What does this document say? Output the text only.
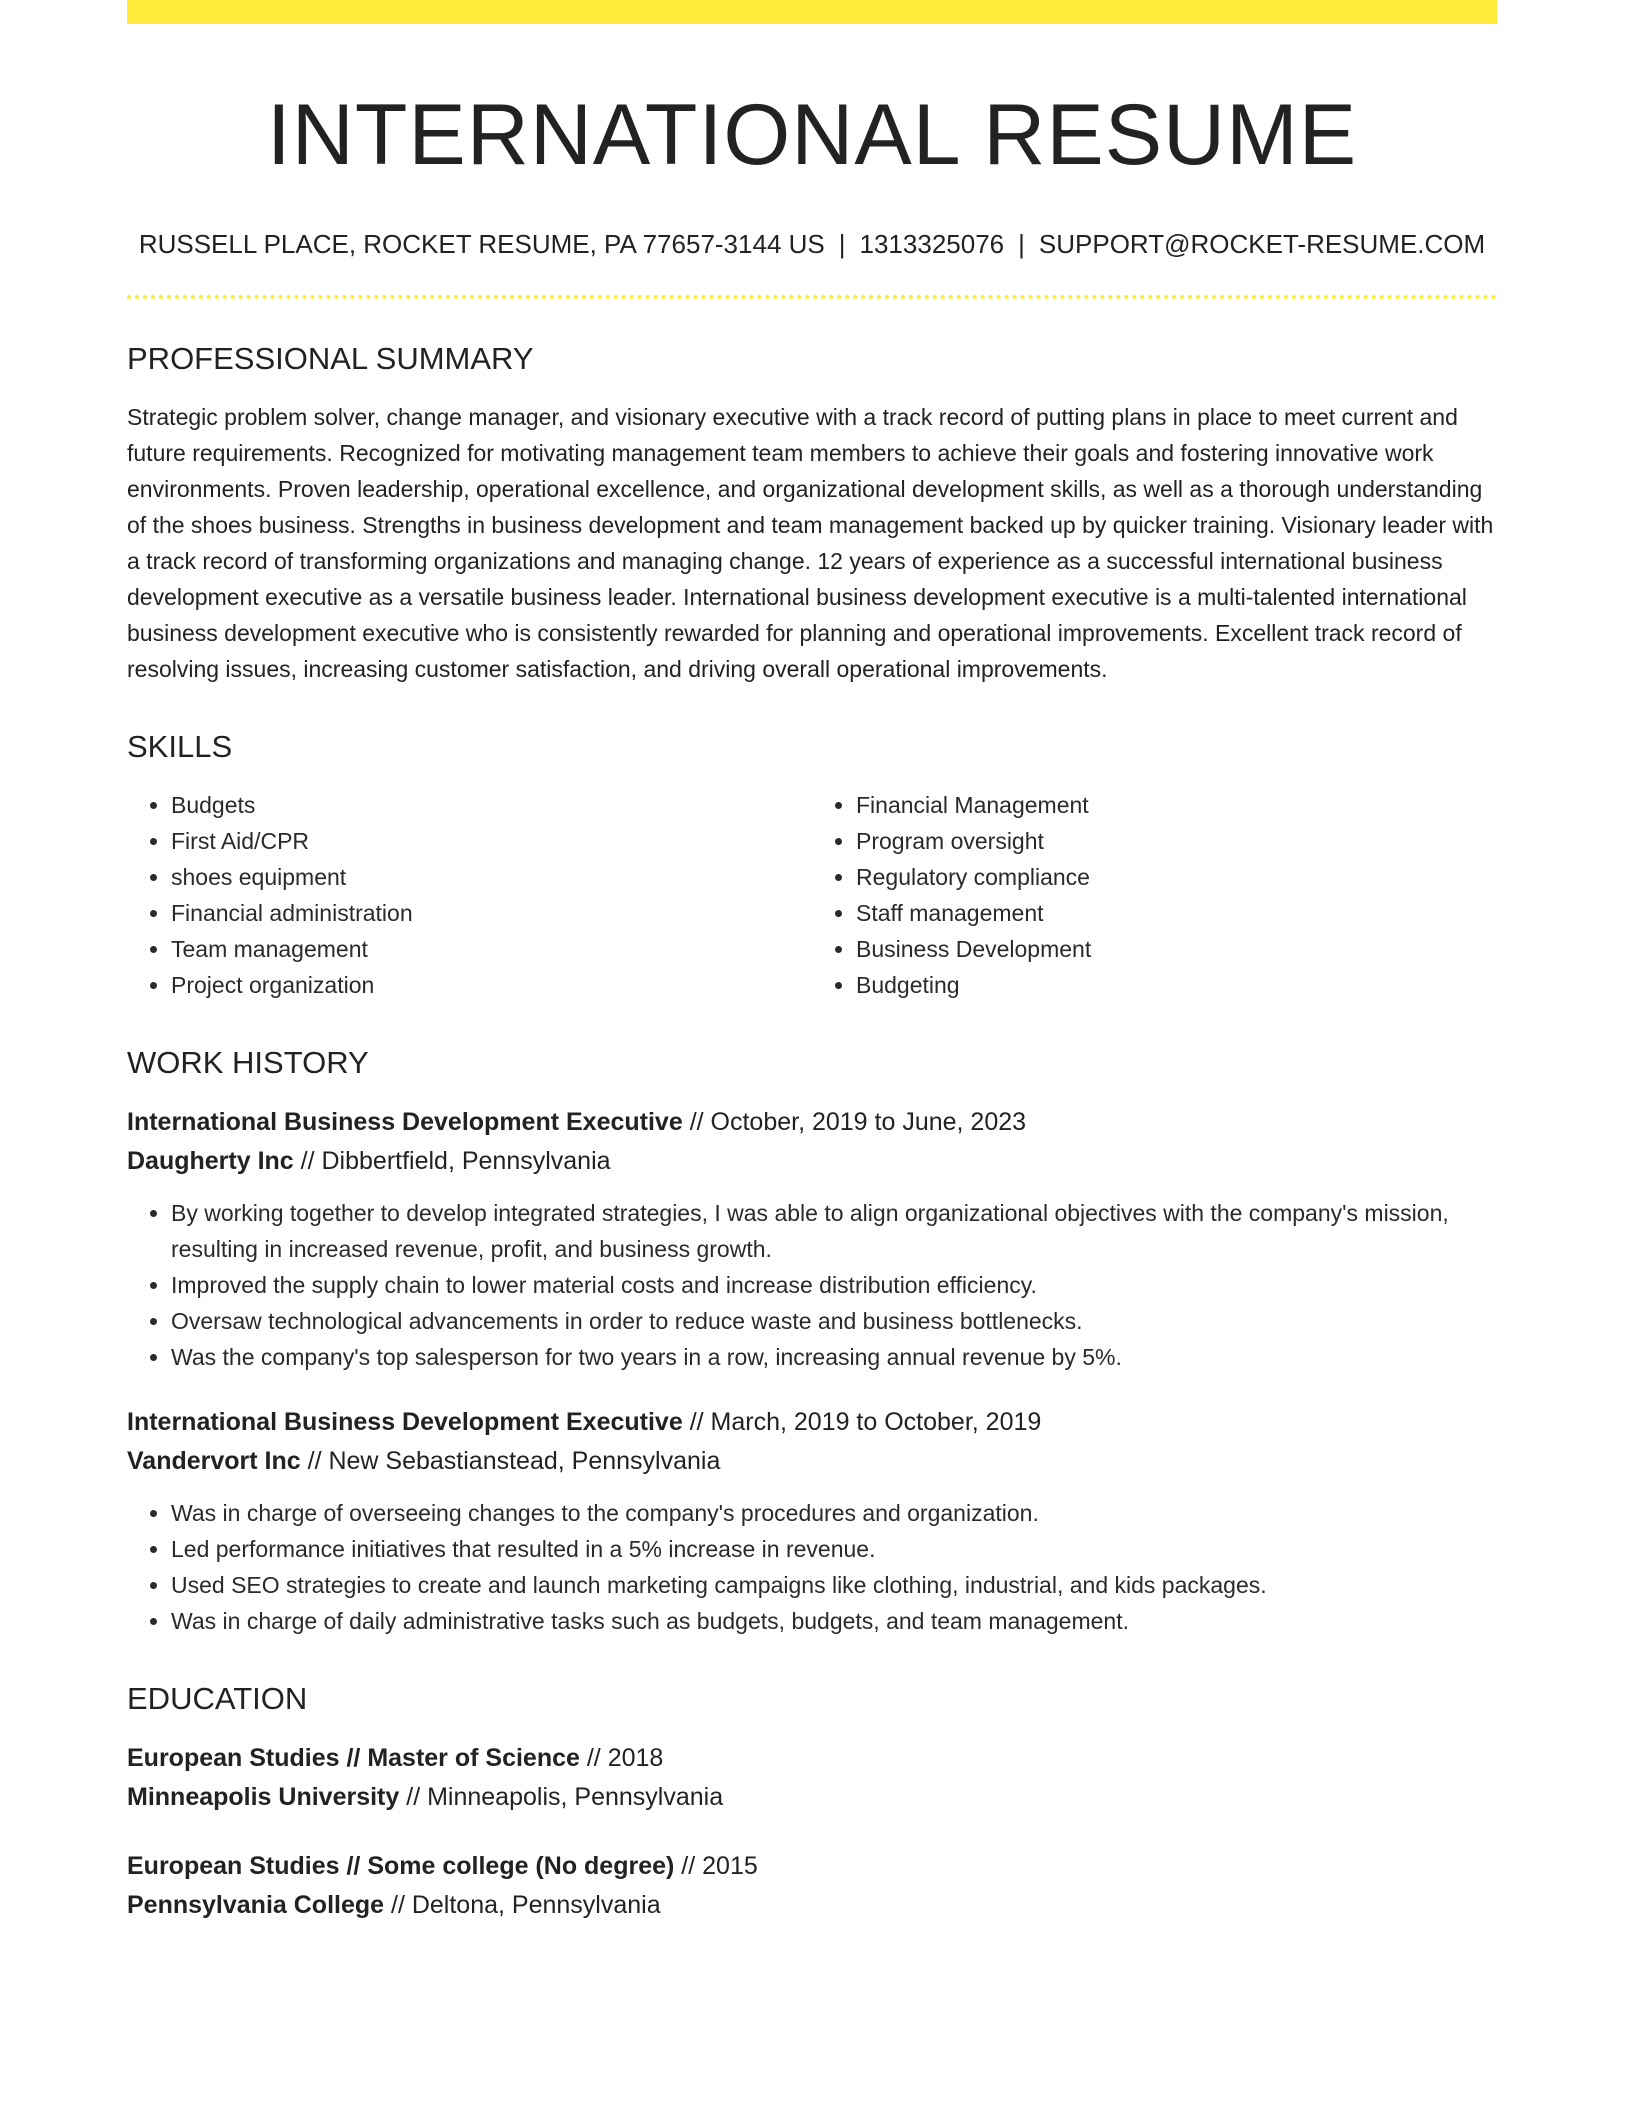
INTERNATIONAL RESUME
RUSSELL PLACE, ROCKET RESUME, PA 77657-3144 US | 1313325076 | SUPPORT@ROCKET-RESUME.COM
PROFESSIONAL SUMMARY

Strategic problem solver, change manager, and visionary executive with a track record of putting plans in place to meet current and future requirements. Recognized for motivating management team members to achieve their goals and fostering innovative work environments. Proven leadership, operational excellence, and organizational development skills, as well as a thorough understanding of the shoes business. Strengths in business development and team management backed up by quicker training. Visionary leader with a track record of transforming organizations and managing change. 12 years of experience as a successful international business development executive as a versatile business leader. International business development executive is a multi-talented international business development executive who is consistently rewarded for planning and operational improvements. Excellent track record of resolving issues, increasing customer satisfaction, and driving overall operational improvements.

SKILLS
• Budgets
• First Aid/CPR
• shoes equipment
• Financial administration
• Team management
• Project organization
• Financial Management
• Program oversight
• Regulatory compliance
• Staff management
• Business Development
• Budgeting
WORK HISTORY
International Business Development Executive // October, 2019 to June, 2023
Daugherty Inc // Dibbertfield, Pennsylvania
• By working together to develop integrated strategies, I was able to align organizational objectives with the company's mission, resulting in increased revenue, profit, and business growth.
• Improved the supply chain to lower material costs and increase distribution efficiency.
• Oversaw technological advancements in order to reduce waste and business bottlenecks.
• Was the company's top salesperson for two years in a row, increasing annual revenue by 5%.
International Business Development Executive // March, 2019 to October, 2019
Vandervort Inc // New Sebastianstead, Pennsylvania
• Was in charge of overseeing changes to the company's procedures and organization.
• Led performance initiatives that resulted in a 5% increase in revenue.
• Used SEO strategies to create and launch marketing campaigns like clothing, industrial, and kids packages.
• Was in charge of daily administrative tasks such as budgets, budgets, and team management.
EDUCATION
European Studies // Master of Science // 2018
Minneapolis University // Minneapolis, Pennsylvania
European Studies // Some college (No degree) // 2015
Pennsylvania College // Deltona, Pennsylvania
